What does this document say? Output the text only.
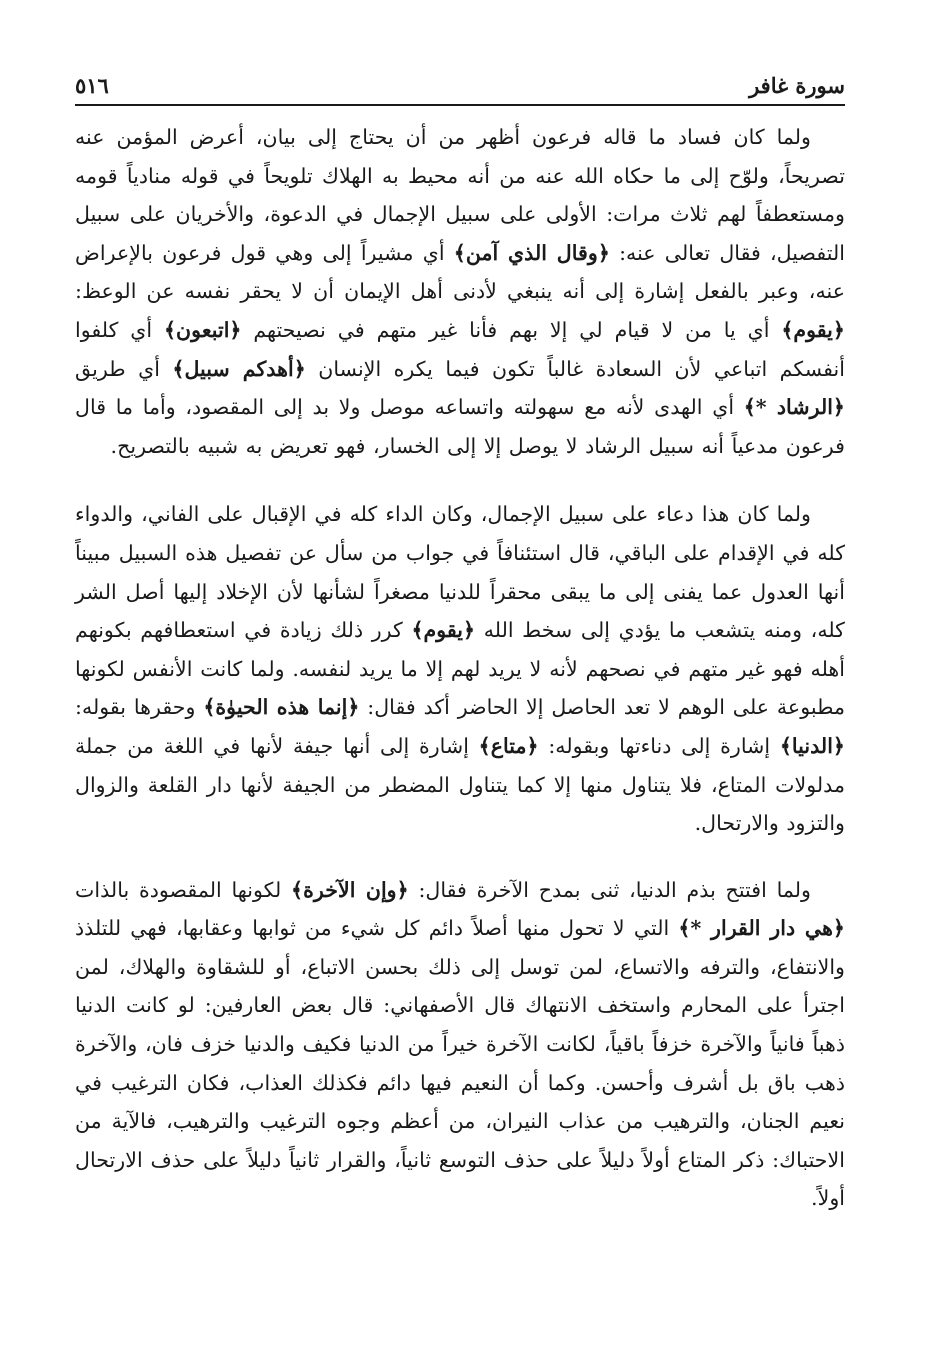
سورة غافر
٥١٦

ولما كان فساد ما قاله فرعون أظهر من أن يحتاج إلى بيان، أعرض المؤمن عنه تصريحاً، ولوّح إلى ما حكاه الله عنه من أنه محيط به الهلاك تلويحاً في قوله منادياً قومه ومستعطفاً لهم ثلاث مرات: الأولى على سبيل الإجمال في الدعوة، والأخريان على سبيل التفصيل، فقال تعالى عنه: ﴿وقال الذي آمن﴾ أي مشيراً إلى وهي قول فرعون بالإعراض عنه، وعبر بالفعل إشارة إلى أنه ينبغي لأدنى أهل الإيمان أن لا يحقر نفسه عن الوعظ: ﴿يقوم﴾ أي يا من لا قيام لي إلا بهم فأنا غير متهم في نصيحتهم ﴿اتبعون﴾ أي كلفوا أنفسكم اتباعي لأن السعادة غالباً تكون فيما يكره الإنسان ﴿أهدكم سبيل﴾ أي طريق ﴿الرشاد *﴾ أي الهدى لأنه مع سهولته واتساعه موصل ولا بد إلى المقصود، وأما ما قال فرعون مدعياً أنه سبيل الرشاد لا يوصل إلا إلى الخسار، فهو تعريض به شبيه بالتصريح.

ولما كان هذا دعاء على سبيل الإجمال، وكان الداء كله في الإقبال على الفاني، والدواء كله في الإقدام على الباقي، قال استئنافاً في جواب من سأل عن تفصيل هذه السبيل مبيناً أنها العدول عما يفنى إلى ما يبقى محقراً للدنيا مصغراً لشأنها لأن الإخلاد إليها أصل الشر كله، ومنه يتشعب ما يؤدي إلى سخط الله ﴿يقوم﴾ كرر ذلك زيادة في استعطافهم بكونهم أهله فهو غير متهم في نصحهم لأنه لا يريد لهم إلا ما يريد لنفسه. ولما كانت الأنفس لكونها مطبوعة على الوهم لا تعد الحاصل إلا الحاضر أكد فقال: ﴿إنما هذه الحيوٰة﴾ وحقرها بقوله: ﴿الدنيا﴾ إشارة إلى دناءتها وبقوله: ﴿متاع﴾ إشارة إلى أنها جيفة لأنها في اللغة من جملة مدلولات المتاع، فلا يتناول منها إلا كما يتناول المضطر من الجيفة لأنها دار القلعة والزوال والتزود والارتحال.

ولما افتتح بذم الدنيا، ثنى بمدح الآخرة فقال: ﴿وإن الآخرة﴾ لكونها المقصودة بالذات ﴿هي دار القرار *﴾ التي لا تحول منها أصلاً دائم كل شيء من ثوابها وعقابها، فهي للتلذذ والانتفاع، والترفه والاتساع، لمن توسل إلى ذلك بحسن الاتباع، أو للشقاوة والهلاك، لمن اجترأ على المحارم واستخف الانتهاك قال الأصفهاني: قال بعض العارفين: لو كانت الدنيا ذهباً فانياً والآخرة خزفاً باقياً، لكانت الآخرة خيراً من الدنيا فكيف والدنيا خزف فان، والآخرة ذهب باق بل أشرف وأحسن. وكما أن النعيم فيها دائم فكذلك العذاب، فكان الترغيب في نعيم الجنان، والترهيب من عذاب النيران، من أعظم وجوه الترغيب والترهيب، فالآية من الاحتباك: ذكر المتاع أولاً دليلاً على حذف التوسع ثانياً، والقرار ثانياً دليلاً على حذف الارتحال أولاً.
